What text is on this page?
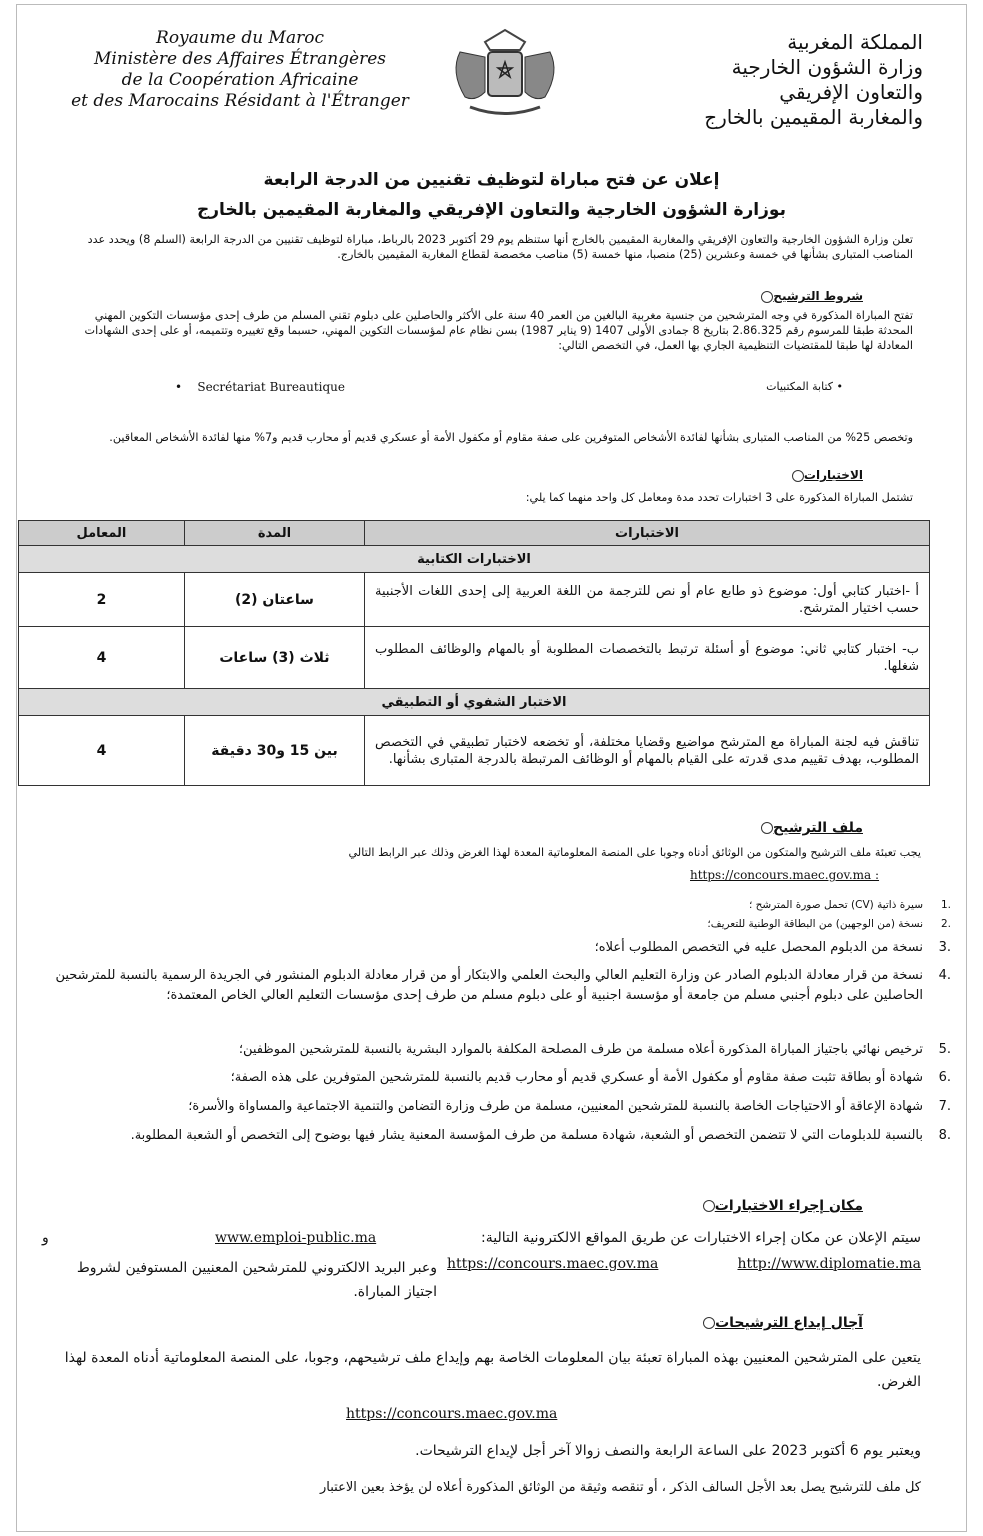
Royaume du Maroc
Ministère des Affaires Étrangères
de la Coopération Africaine
et des Marocains Résidant à l'Étranger
المملكة المغربية
وزارة الشؤون الخارجية
والتعاون الإفريقي
والمغاربة المقيمين بالخارج
إعلان عن فتح مباراة لتوظيف تقنيين من الدرجة الرابعة
بوزارة الشؤون الخارجية والتعاون الإفريقي والمغاربة المقيمين بالخارج
تعلن وزارة الشؤون الخارجية والتعاون الإفريقي والمغاربة المقيمين بالخارج أنها ستنظم يوم 29 أكتوبر 2023 بالرباط، مباراة لتوظيف تقنيين من الدرجة الرابعة (السلم 8) ويحدد عدد المناصب المتبارى بشأنها في خمسة وعشرين (25) منصبا، منها خمسة (5) مناصب مخصصة لقطاع المغاربة المقيمين بالخارج.
شروط الترشيح
تفتح المباراة المذكورة في وجه المترشحين من جنسية مغربية البالغين من العمر 40 سنة على الأكثر والحاصلين على دبلوم تقني المسلم من طرف إحدى مؤسسات التكوين المهني المحدثة طبقا للمرسوم رقم 2.86.325 بتاريخ 8 جمادى الأولى 1407 (9 يناير 1987) بسن نظام عام لمؤسسات التكوين المهني، حسبما وقع تغييره وتتميمه، أو على إحدى الشهادات المعادلة لها طبقا للمقتضيات التنظيمية الجاري بها العمل، في التخصص التالي:
• كتابة المكتبيات
•    Secrétariat Bureautique
وتخصص 25% من المناصب المتبارى بشأنها لفائدة الأشخاص المتوفرين على صفة مقاوم أو مكفول الأمة أو عسكري قديم أو محارب قديم و7% منها لفائدة الأشخاص المعاقين.
الاختبارات
تشتمل المباراة المذكورة على 3 اختبارات تحدد مدة ومعامل كل واحد منهما كما يلي:
الاختبارات	المدة	المعامل
الاختبارات الكتابية		
أ -اختبار كتابي أول: موضوع ذو طابع عام أو نص للترجمة من اللغة العربية إلى إحدى اللغات الأجنبية حسب اختيار المترشح.	ساعتان (2)	2
ب- اختبار كتابي ثاني: موضوع أو أسئلة ترتبط بالتخصصات المطلوبة أو بالمهام والوظائف المطلوب شغلها.	ثلاث (3) ساعات	4
الاختبار الشفوي أو التطبيقي		
تناقش فيه لجنة المباراة مع المترشح مواضيع وقضايا مختلفة، أو تخضعه لاختبار تطبيقي في التخصص المطلوب، بهدف تقييم مدى قدرته على القيام بالمهام أو الوظائف المرتبطة بالدرجة المتبارى بشأنها.	بين 15 و30 دقيقة	4
ملف الترشيح
يجب تعبئة ملف الترشيح والمتكون من الوثائق أدناه وجوبا على المنصة المعلوماتية المعدة لهذا الغرض وذلك عبر الرابط التالي
https://concours.maec.gov.ma :
1.
سيرة ذاتية (CV) تحمل صورة المترشح ؛
2.
نسخة (من الوجهين) من البطاقة الوطنية للتعريف؛
3.
نسخة من الدبلوم المحصل عليه في التخصص المطلوب أعلاه؛
4.
نسخة من قرار معادلة الدبلوم الصادر عن وزارة التعليم العالي والبحث العلمي والابتكار أو من قرار معادلة الدبلوم المنشور في الجريدة الرسمية بالنسبة للمترشحين الحاصلين على دبلوم أجنبي مسلم من جامعة أو مؤسسة اجنبية أو على دبلوم مسلم من طرف إحدى مؤسسات التعليم العالي الخاص المعتمدة؛
5.
ترخيص نهائي باجتياز المباراة المذكورة أعلاه مسلمة من طرف المصلحة المكلفة بالموارد البشرية بالنسبة للمترشحين الموظفين؛
6.
شهادة أو بطاقة تثبت صفة مقاوم أو مكفول الأمة أو عسكري قديم أو محارب قديم بالنسبة للمترشحين المتوفرين على هذه الصفة؛
7.
شهادة الإعاقة أو الاحتياجات الخاصة بالنسبة للمترشحين المعنيين، مسلمة من طرف وزارة التضامن والتنمية الاجتماعية والمساواة والأسرة؛
8.
بالنسبة للدبلومات التي لا تتضمن التخصص أو الشعبة، شهادة مسلمة من طرف المؤسسة المعنية يشار فيها بوضوح إلى التخصص أو الشعبة المطلوبة.
مكان إجراء الاختبارات
سيتم الإعلان عن مكان إجراء الاختبارات عن طريق المواقع الالكترونية التالية:
www.emploi-public.ma
و
http://www.diplomatie.ma
https://concours.maec.gov.ma
وعبر البريد الالكتروني للمترشحين المعنيين المستوفين لشروط اجتياز المباراة.
آجال إيداع الترشيحات
يتعين على المترشحين المعنيين بهذه المباراة تعبئة بيان المعلومات الخاصة بهم وإيداع ملف ترشيحهم، وجوبا، على المنصة المعلوماتية أدناه المعدة لهذا الغرض.
https://concours.maec.gov.ma
ويعتبر يوم 6 أكتوبر 2023 على الساعة الرابعة والنصف زوالا آخر أجل لإيداع الترشيحات.
كل ملف للترشيح يصل بعد الأجل السالف الذكر ، أو تنقصه وثيقة من الوثائق المذكورة أعلاه لن يؤخذ بعين الاعتبار
